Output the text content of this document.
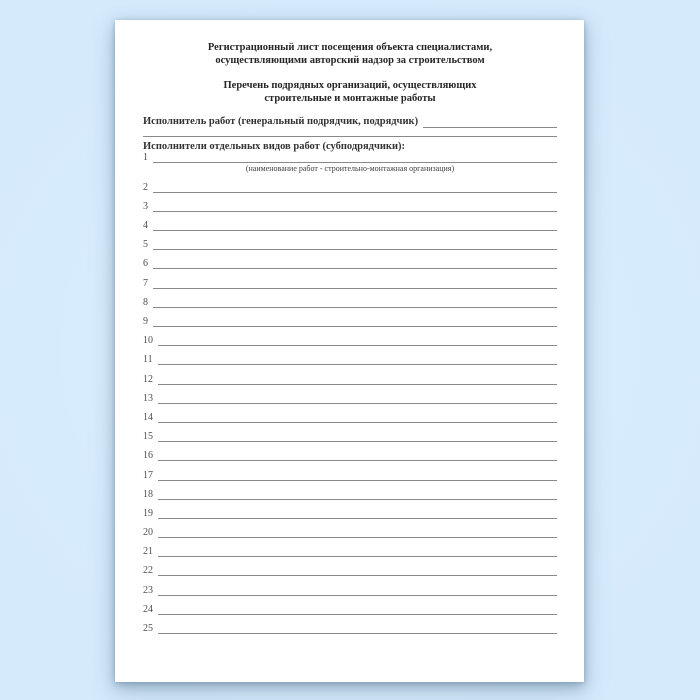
Регистрационный лист посещения объекта специалистами,
осуществляющими авторский надзор за строительством
Перечень подрядных организаций, осуществляющих
строительные и монтажные работы
Исполнитель работ (генеральный подрядчик, подрядчик)
Исполнители отдельных видов работ (субподрядчики):
1
(наименование работ - строительно-монтажная организация)
2
3
4
5
6
7
8
9
10
11
12
13
14
15
16
17
18
19
20
21
22
23
24
25
